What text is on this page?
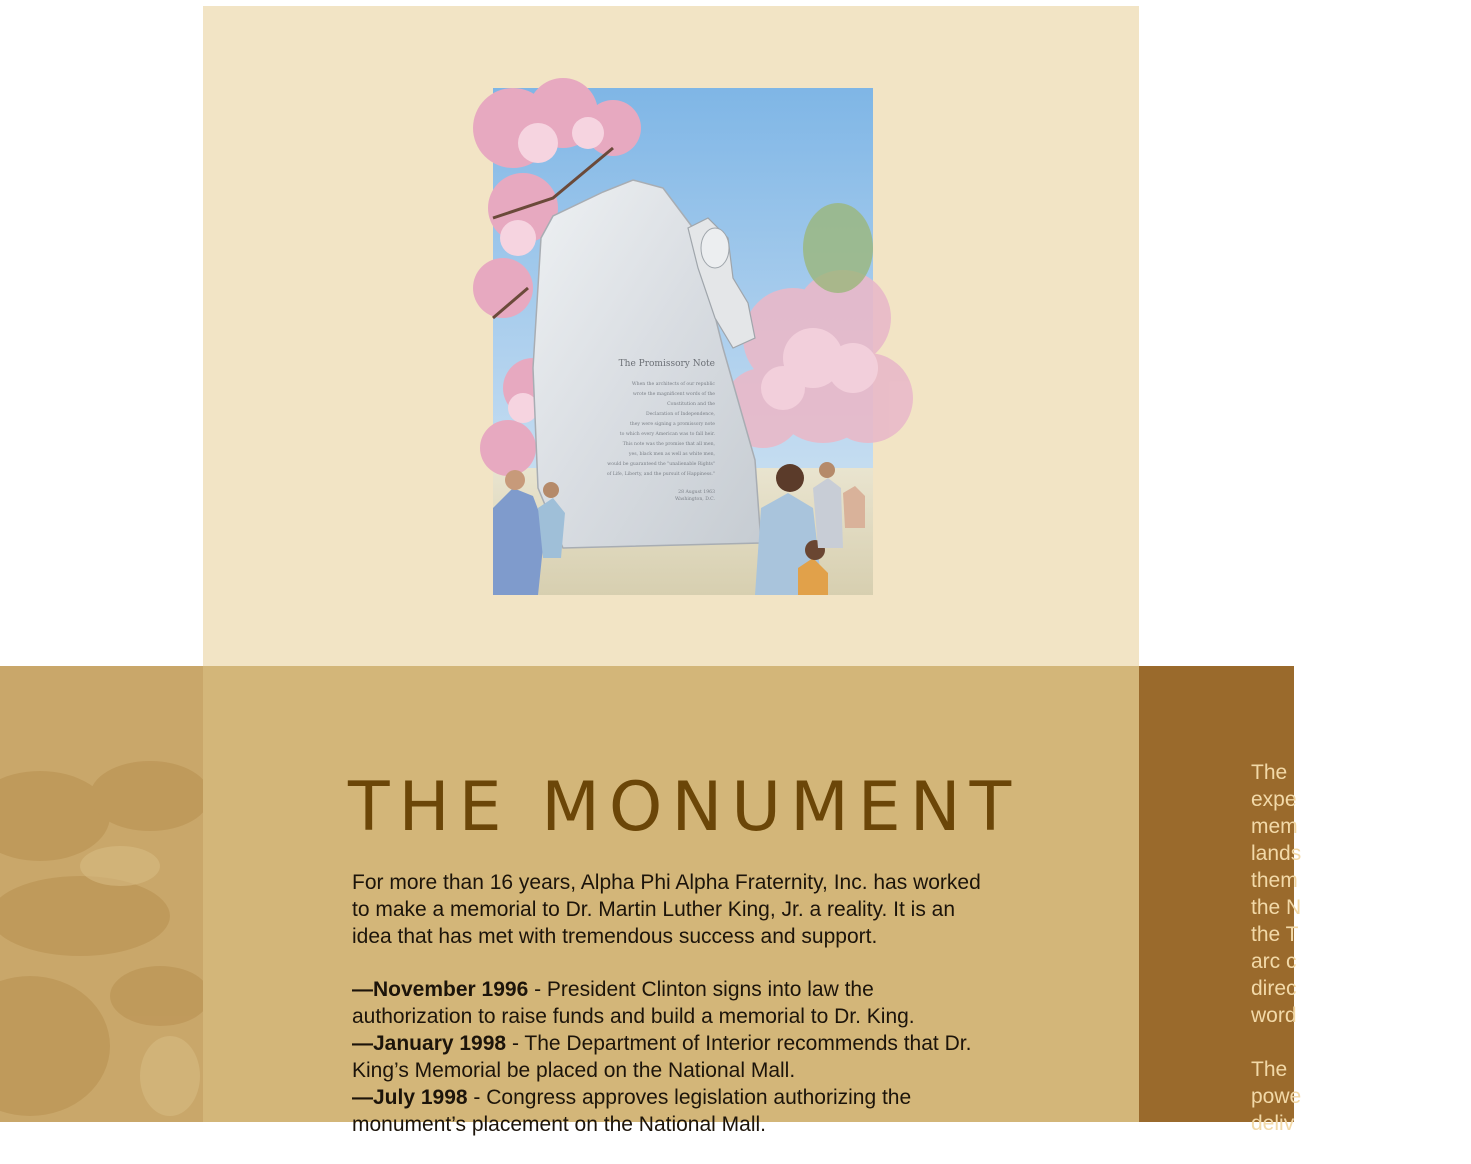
The Promissory Note
When the architects of our republic
wrote the magnificent words of the
Constitution and the
Declaration of Independence,
they were signing a promissory note
to which every American was to fall heir.
This note was the promise that all men,
yes, black men as well as white men,
would be guaranteed the "unalienable Rights"
of Life, Liberty, and the pursuit of Happiness."
28 August 1963
Washington, D.C.
THE MONUMENT

For more than 16 years, Alpha Phi Alpha Fraternity, Inc. has worked to make a memorial to Dr. Martin Luther King, Jr. a reality. It is an idea that has met with tremendous success and support.

—November 1996 - President Clinton signs into law the authorization to raise funds and build a memorial to Dr. King.
—January 1998 - The Department of Interior recommends that Dr. King’s Memorial be placed on the National Mall.
—July 1998 - Congress approves legislation authorizing the monument’s placement on the National Mall.

The
expe
mem
lands
them
the N
the T
arc c
direc
word

The
powe
deliv
